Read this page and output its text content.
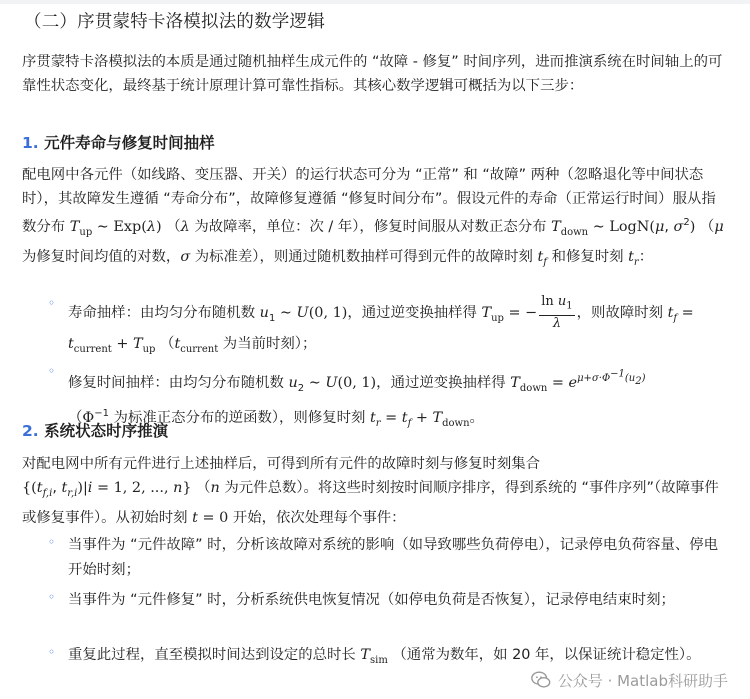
（二）序贯蒙特卡洛模拟法的数学逻辑
序贯蒙特卡洛模拟法的本质是通过随机抽样生成元件的 “故障 - 修复” 时间序列，进而推演系统在时间轴上的可靠性状态变化，最终基于统计原理计算可靠性指标。其核心数学逻辑可概括为以下三步：
1. 元件寿命与修复时间抽样
配电网中各元件（如线路、变压器、开关）的运行状态可分为 “正常” 和 “故障” 两种（忽略退化等中间状态时），其故障发生遵循 “寿命分布”，故障修复遵循 “修复时间分布”。假设元件的寿命（正常运行时间）服从指数分布 $T_{up}$ ∼ Exp(λ) （λ 为故障率，单位：次 / 年），修复时间服从对数正态分布 $T_{down}$ ∼ LogN(μ, $\sigma^2$) （μ 为修复时间均值的对数，σ 为标准差），则通过随机数抽样可得到元件的故障时刻 $t_f$ 和修复时刻 $t_r$：
◦
寿命抽样：由均匀分布随机数 $u_1$ ∼ U(0, 1)，通过逆变换抽样得 $T_{up}$ = − $\frac{\ln u_1}{\lambda}$ ，则故障时刻 $t_f = t_{current} + T_{up}$ （$t_{current}$ 为当前时刻）；
◦
修复时间抽样：由均匀分布随机数 $u_2$ ∼ U(0, 1)，通过逆变换抽样得 $T_{down} = e^{\mu+\sigma\cdot\Phi^{-1}(u_2)}$
（$\Phi^{-1}$ 为标准正态分布的逆函数），则修复时刻 $t_r = t_f + T_{down}$。
2. 系统状态时序推演
对配电网中所有元件进行上述抽样后，可得到所有元件的故障时刻与修复时刻集合
{($t_{f,i}$, $t_{r,i})|i = 1$, 2, ..., n} （n 为元件总数）。将这些时刻按时间顺序排序，得到系统的 “事件序列”（故障事件或修复事件）。从初始时刻 t = 0 开始，依次处理每个事件：
◦ 当事件为 “元件故障” 时，分析该故障对系统的影响（如导致哪些负荷停电），记录停电负荷容量、停电开始时刻；
◦ 当事件为 “元件修复” 时，分析系统供电恢复情况（如停电负荷是否恢复），记录停电结束时刻；
◦ 重复此过程，直至模拟时间达到设定的总时长 $T_{sim}$ （通常为数年，如 20 年，以保证统计稳定性）。
公众号 · Matlab科研助手
